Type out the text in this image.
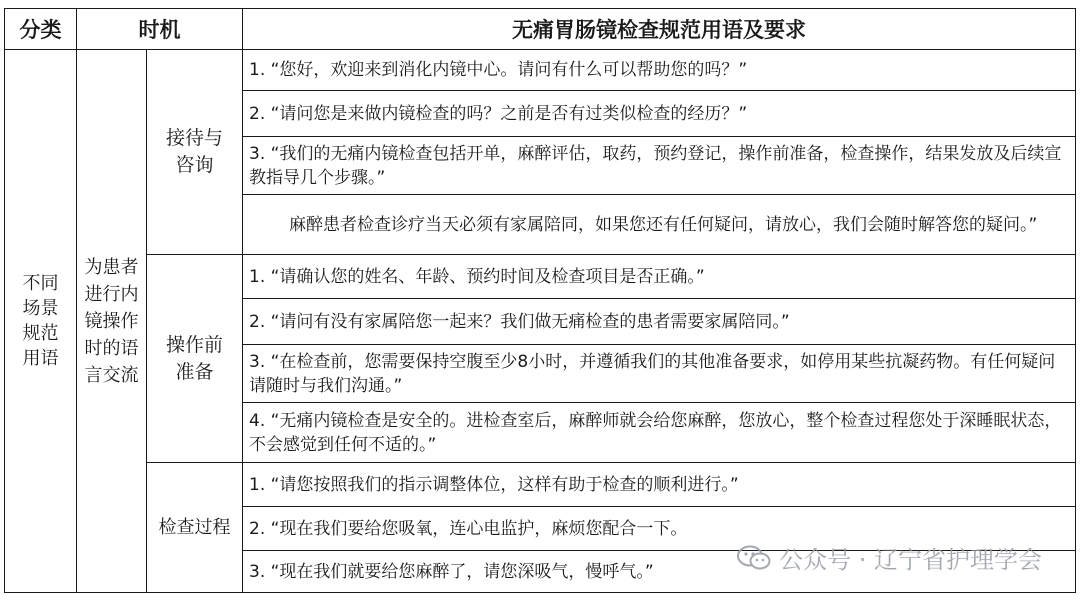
分类	时机		无痛胃肠镜检查规范用语及要求

不同场景规范用语	为患者进行内镜操作时的语言交流	接待与咨询	1. “您好，欢迎来到消化内镜中心。请问有什么可以帮助您的吗？”
			2. “请问您是来做内镜检查的吗？之前是否有过类似检查的经历？”
			3. “我们的无痛内镜检查包括开单，麻醉评估，取药，预约登记，操作前准备，检查操作，结果发放及后续宣教指导几个步骤。”
			麻醉患者检查诊疗当天必须有家属陪同，如果您还有任何疑问，请放心，我们会随时解答您的疑问。”

		操作前准备	1. “请确认您的姓名、年龄、预约时间及检查项目是否正确。”
			2. “请问有没有家属陪您一起来？我们做无痛检查的患者需要家属陪同。”
			3. “在检查前，您需要保持空腹至少8小时，并遵循我们的其他准备要求，如停用某些抗凝药物。有任何疑问请随时与我们沟通。”
			4. “无痛内镜检查是安全的。进检查室后，麻醉师就会给您麻醉，您放心，整个检查过程您处于深睡眠状态，不会感觉到任何不适的。”

		检查过程	1. “请您按照我们的指示调整体位，这样有助于检查的顺利进行。”
			2. “现在我们要给您吸氧，连心电监护，麻烦您配合一下。
			3. “现在我们就要给您麻醉了，请您深吸气，慢呼气。”	公众号 · 辽宁省护理学会
